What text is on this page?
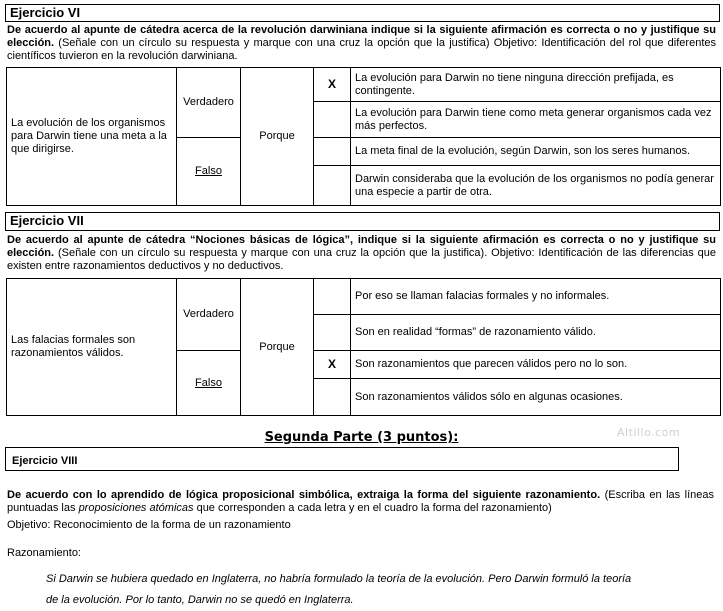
Ejercicio VI
De acuerdo al apunte de cátedra acerca de la revolución darwiniana indique si la siguiente afirmación es correcta o no y justifique su elección. (Señale con un círculo su respuesta y marque con una cruz la opción que la justifica) Objetivo: Identificación del rol que diferentes científicos tuvieron en la revolución darwiniana.
La evolución de los organismos para Darwin tiene una meta a la que dirigirse.	Verdadero	Porque	X	La evolución para Darwin no tiene ninguna dirección prefijada, es contingente.
				La evolución para Darwin tiene como meta generar organismos cada vez más perfectos.
	Falso			La meta final de la evolución, según Darwin, son los seres humanos.
				Darwin consideraba que la evolución de los organismos no podía generar una especie a partir de otra.
Ejercicio VII
De acuerdo al apunte de cátedra “Nociones básicas de lógica”, indique si la siguiente afirmación es correcta o no y justifique su elección. (Señale con un círculo su respuesta y marque con una cruz la opción que la justifica). Objetivo: Identificación de las diferencias que existen entre razonamientos deductivos y no deductivos.
Las falacias formales son razonamientos válidos.	Verdadero	Porque		Por eso se llaman falacias formales y no informales.
				Son en realidad “formas” de razonamiento válido.
	Falso		X	Son razonamientos que parecen válidos pero no lo son.
				Son razonamientos válidos sólo en algunas ocasiones.
Segunda Parte (3 puntos):	Altillo.com
Ejercicio VIII
De acuerdo con lo aprendido de lógica proposicional simbólica, extraiga la forma del siguiente razonamiento. (Escriba en las líneas puntuadas las proposiciones atómicas que corresponden a cada letra y en el cuadro la forma del razonamiento)
Objetivo: Reconocimiento de la forma de un razonamiento
Razonamiento:
Si Darwin se hubiera quedado en Inglaterra, no habría formulado la teoría de la evolución. Pero Darwin formuló la teoría
de la evolución. Por lo tanto, Darwin no se quedó en Inglaterra.
